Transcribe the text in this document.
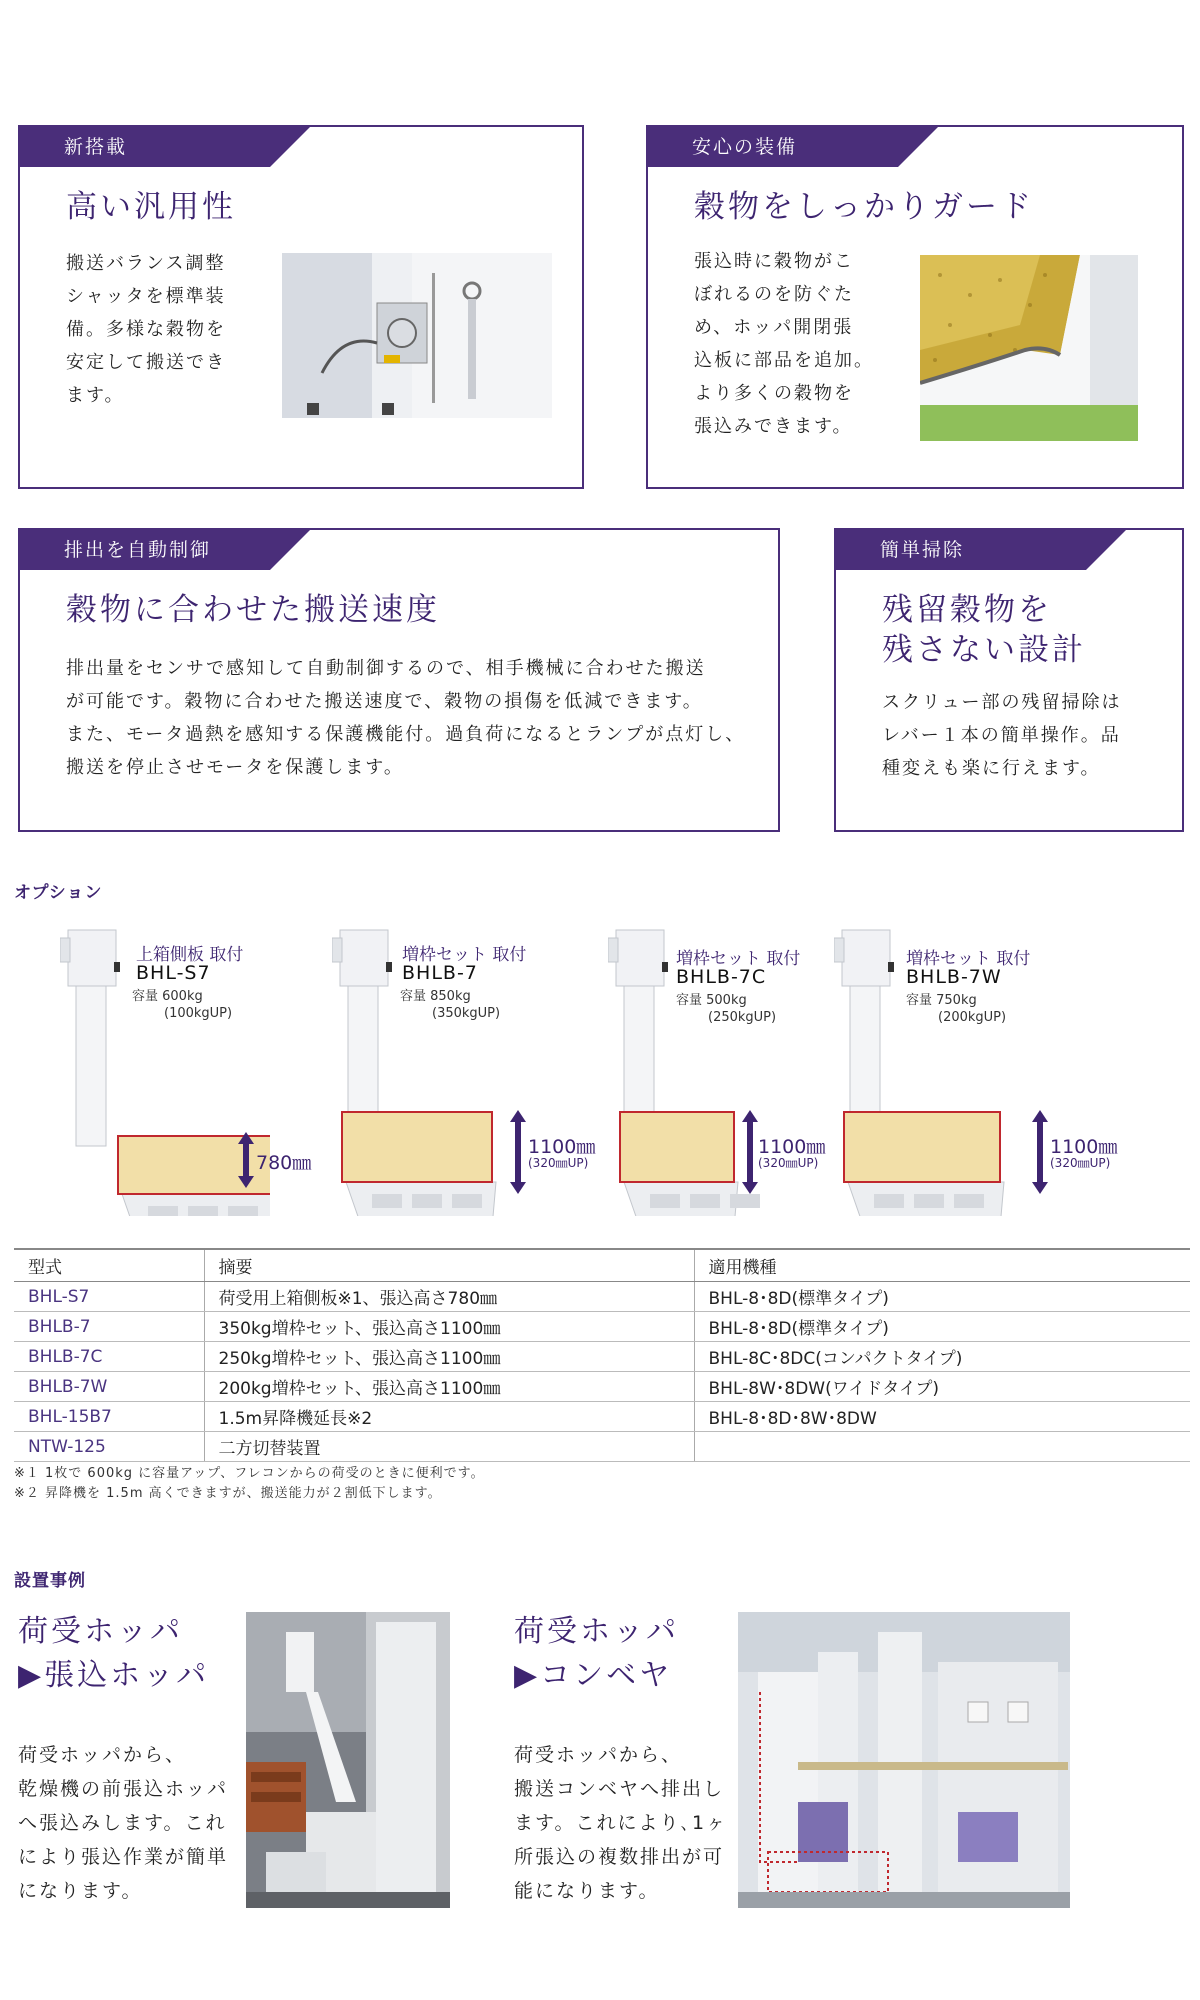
新搭載
高い汎用性
搬送バランス調整
シャッタを標準装
備。多様な穀物を
安定して搬送でき
ます。
安心の装備
穀物をしっかりガード
張込時に穀物がこ
ぼれるのを防ぐた
め、ホッパ開閉張
込板に部品を追加。
より多くの穀物を
張込みできます。
排出を自動制御
穀物に合わせた搬送速度
排出量をセンサで感知して自動制御するので、相手機械に合わせた搬送
が可能です。穀物に合わせた搬送速度で、穀物の損傷を低減できます。
また、モータ過熱を感知する保護機能付。過負荷になるとランプが点灯し、
搬送を停止させモータを保護します。
簡単掃除
残留穀物を
残さない設計
スクリュー部の残留掃除は
レバー１本の簡単操作。品
種変えも楽に行えます。
オプション
上箱側板 取付
BHL-S7
容量 600kg
(100kgUP)
780㎜
増枠セット 取付
BHLB-7
容量 850kg
(350kgUP)
1100㎜
(320㎜UP)
増枠セット 取付
BHLB-7C
容量 500kg
(250kgUP)
1100㎜
(320㎜UP)
増枠セット 取付
BHLB-7W
容量 750kg
(200kgUP)
1100㎜
(320㎜UP)
型式	摘要	適用機種
BHL-S7	荷受用上箱側板※1、張込高さ780㎜	BHL-8･8D(標準タイプ)
BHLB-7	350kg増枠セット、張込高さ1100㎜	BHL-8･8D(標準タイプ)
BHLB-7C	250kg増枠セット、張込高さ1100㎜	BHL-8C･8DC(コンパクトタイプ)
BHLB-7W	200kg増枠セット、張込高さ1100㎜	BHL-8W･8DW(ワイドタイプ)
BHL-15B7	1.5m昇降機延長※2	BHL-8･8D･8W･8DW
NTW-125	二方切替装置	
※１ 1枚で 600kg に容量アップ、フレコンからの荷受のときに便利です。
※２ 昇降機を 1.5m 高くできますが、搬送能力が２割低下します。
設置事例
荷受ホッパ
▶張込ホッパ
荷受ホッパから、
乾燥機の前張込ホッパ
へ張込みします。これ
により張込作業が簡単
になります。
荷受ホッパ
▶コンベヤ
荷受ホッパから、
搬送コンベヤへ排出し
ます。これにより､1ヶ
所張込の複数排出が可
能になります。
